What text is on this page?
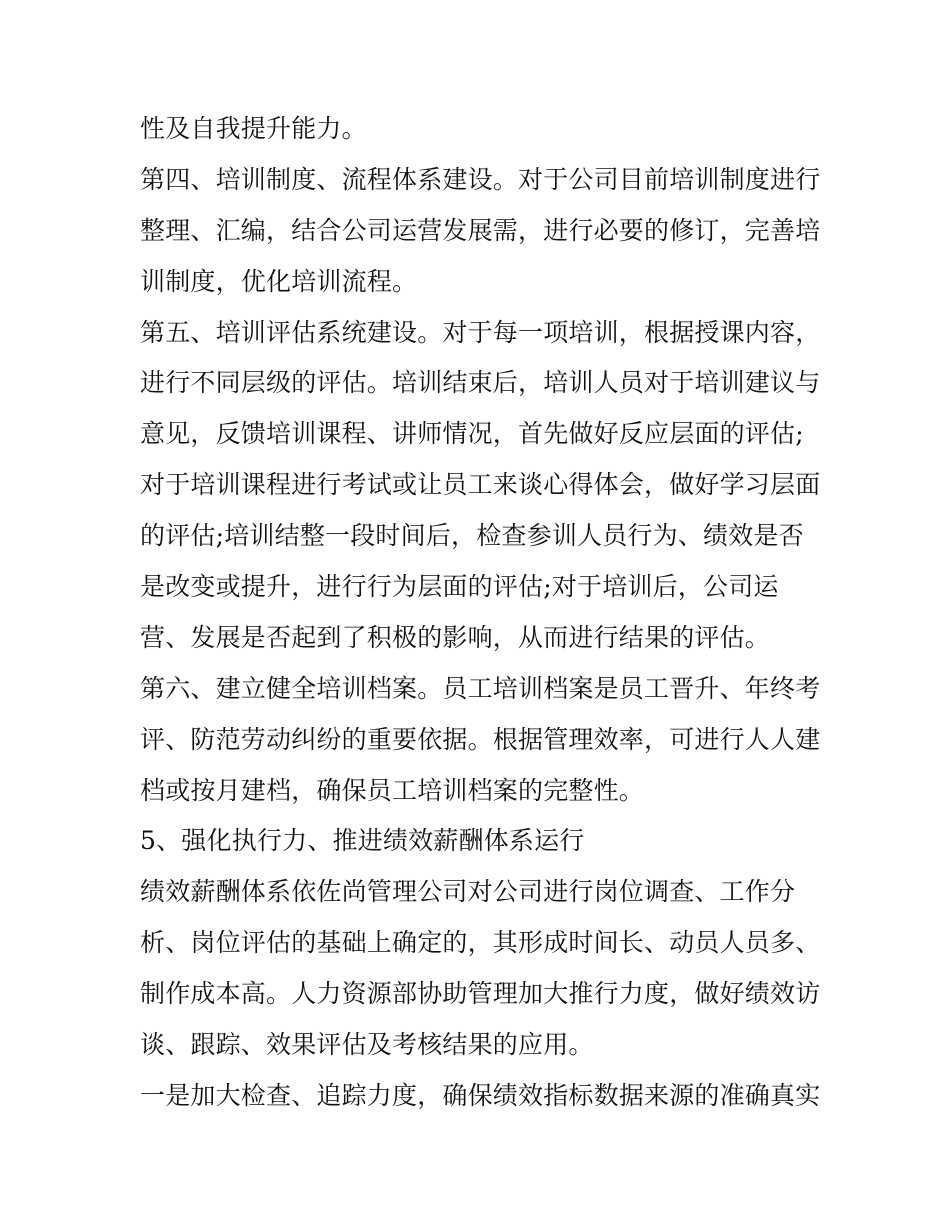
性及自我提升能力。
第四、培训制度、流程体系建设。对于公司目前培训制度进行
整理、汇编，结合公司运营发展需，进行必要的修订，完善培
训制度，优化培训流程。
第五、培训评估系统建设。对于每一项培训，根据授课内容，
进行不同层级的评估。培训结束后，培训人员对于培训建议与
意见，反馈培训课程、讲师情况，首先做好反应层面的评估;
对于培训课程进行考试或让员工来谈心得体会，做好学习层面
的评估;培训结整一段时间后，检查参训人员行为、绩效是否
是改变或提升，进行行为层面的评估;对于培训后，公司运
营、发展是否起到了积极的影响，从而进行结果的评估。
第六、建立健全培训档案。员工培训档案是员工晋升、年终考
评、防范劳动纠纷的重要依据。根据管理效率，可进行人人建
档或按月建档，确保员工培训档案的完整性。
5、强化执行力、推进绩效薪酬体系运行
绩效薪酬体系依佐尚管理公司对公司进行岗位调查、工作分
析、岗位评估的基础上确定的，其形成时间长、动员人员多、
制作成本高。人力资源部协助管理加大推行力度，做好绩效访
谈、跟踪、效果评估及考核结果的应用。
一是加大检查、追踪力度，确保绩效指标数据来源的准确真实
